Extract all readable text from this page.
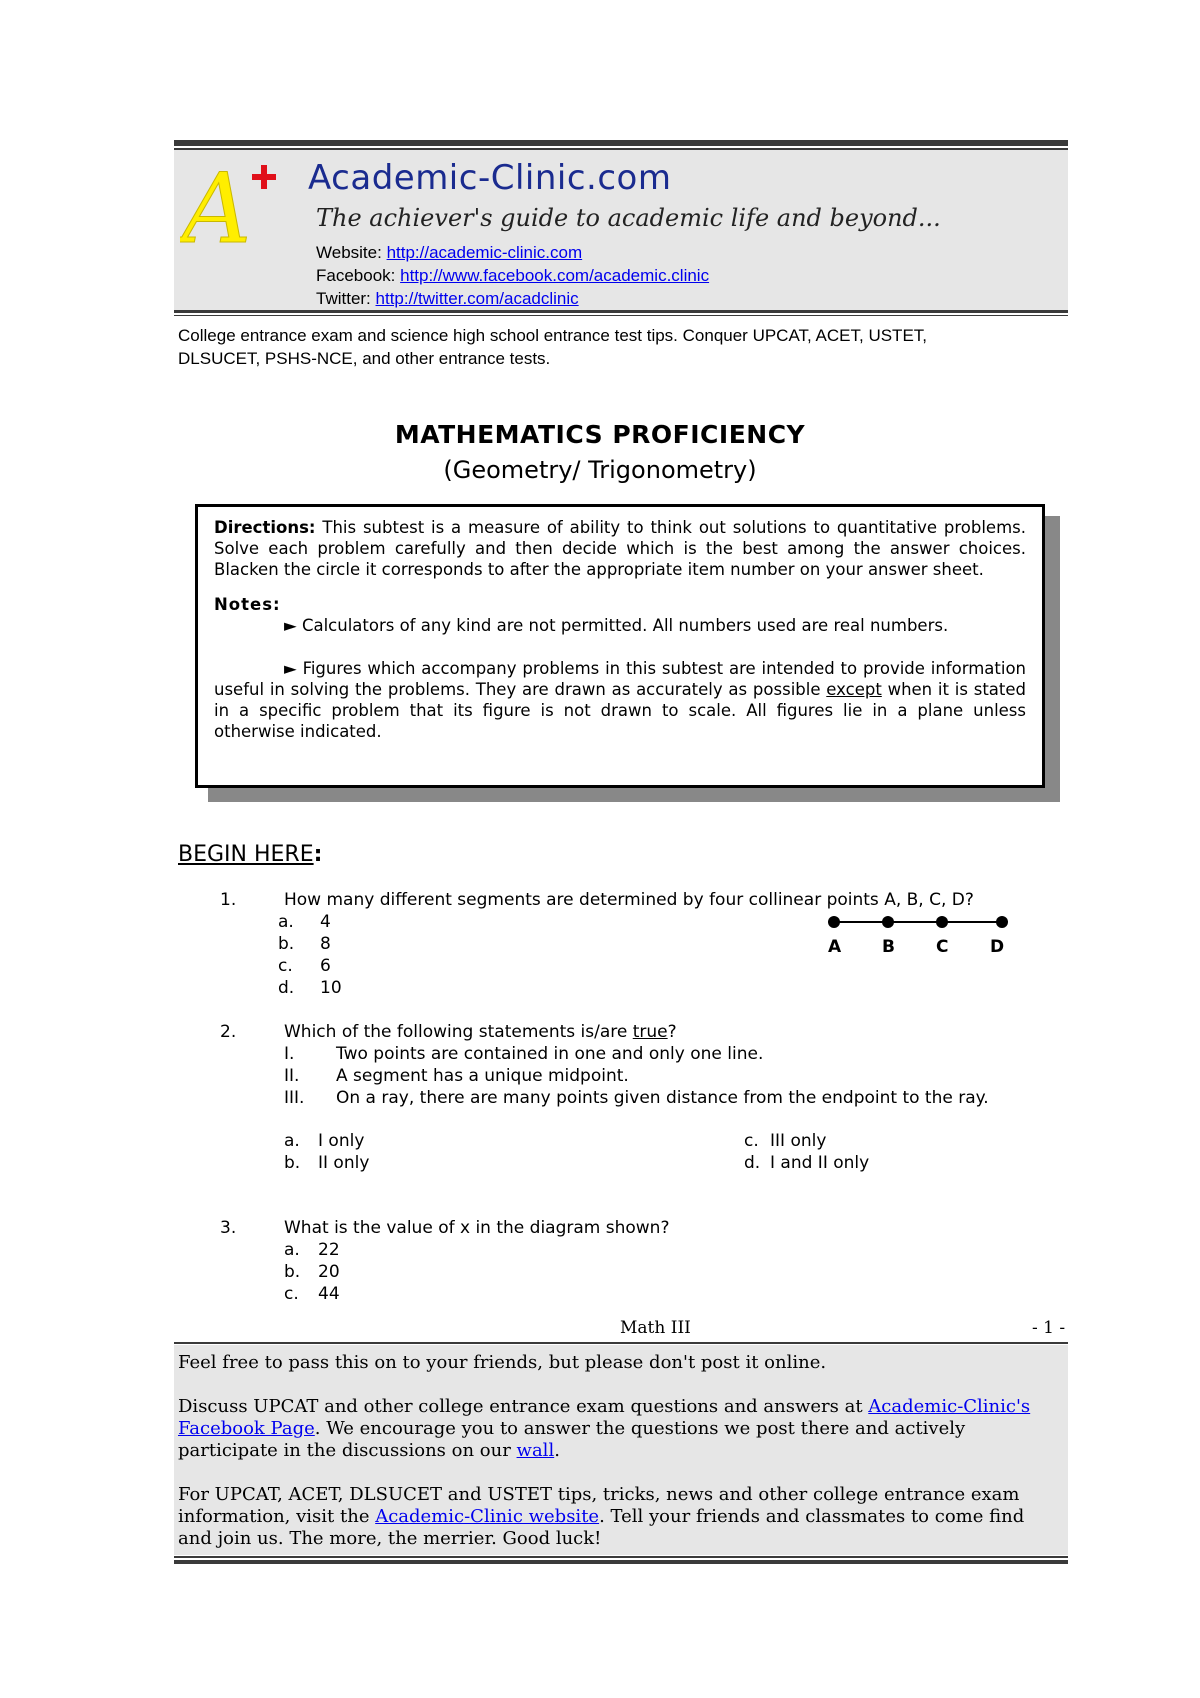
A Academic-Clinic.com
The achiever's guide to academic life and beyond...
Website: http://academic-clinic.com
Facebook: http://www.facebook.com/academic.clinic
Twitter: http://twitter.com/acadclinic
College entrance exam and science high school entrance test tips. Conquer UPCAT, ACET, USTET,
DLSUCET, PSHS-NCE, and other entrance tests.
MATHEMATICS PROFICIENCY
(Geometry/ Trigonometry)

Directions: This subtest is a measure of ability to think out solutions to quantitative problems. Solve each problem carefully and then decide which is the best among the answer choices. Blacken the circle it corresponds to after the appropriate item number on your answer sheet.

Notes:

► Calculators of any kind are not permitted. All numbers used are real numbers.

► Figures which accompany problems in this subtest are intended to provide information useful in solving the problems. They are drawn as accurately as possible except when it is stated in a specific problem that its figure is not drawn to scale. All figures lie in a plane unless otherwise indicated.

BEGIN HERE:
1.	How many different segments are determined by four collinear points A, B, C, D?
a. 4
b. 8
c. 6
d. 10
A B C D
2.	Which of the following statements is/are true?
I. Two points are contained in one and only one line.
II. A segment has a unique midpoint.
III. On a ray, there are many points given distance from the endpoint to the ray.
a. I only
b. II only
c. III only
d. I and II only
3.	What is the value of x in the diagram shown?
a. 22
b. 20
c. 44
Math III	- 1 -

Feel free to pass this on to your friends, but please don't post it online.

Discuss UPCAT and other college entrance exam questions and answers at Academic-Clinic's Facebook Page. We encourage you to answer the questions we post there and actively participate in the discussions on our wall.

For UPCAT, ACET, DLSUCET and USTET tips, tricks, news and other college entrance exam information, visit the Academic-Clinic website. Tell your friends and classmates to come find and join us. The more, the merrier. Good luck!
